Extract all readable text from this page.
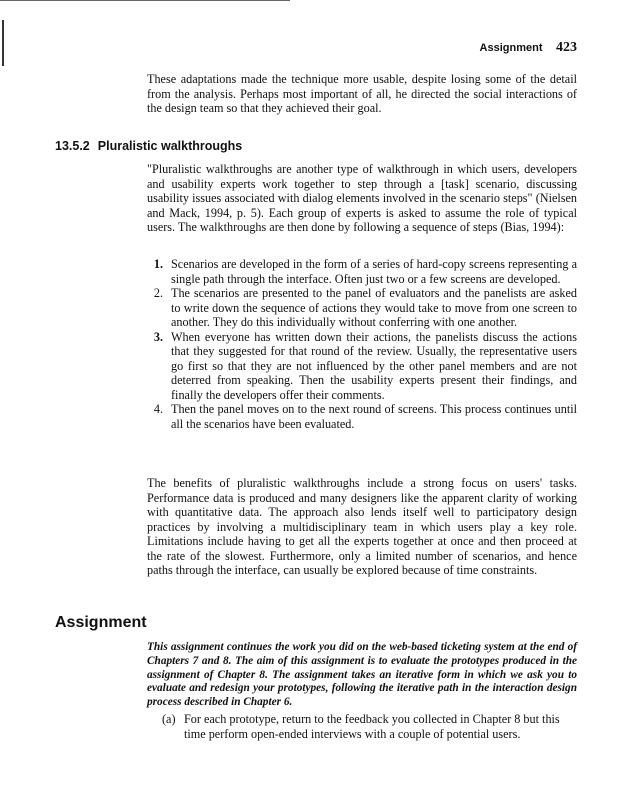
Assignment 423

These adaptations made the technique more usable, despite losing some of the detail from the analysis. Perhaps most important of all, he directed the social interactions of the design team so that they achieved their goal.

13.5.2 Pluralistic walkthroughs

"Pluralistic walkthroughs are another type of walkthrough in which users, developers and usability experts work together to step through a [task] scenario, discussing usability issues associated with dialog elements involved in the scenario steps" (Nielsen and Mack, 1994, p. 5). Each group of experts is asked to assume the role of typical users. The walkthroughs are then done by following a sequence of steps (Bias, 1994):

1. Scenarios are developed in the form of a series of hard-copy screens representing a single path through the interface. Often just two or a few screens are developed.
2. The scenarios are presented to the panel of evaluators and the panelists are asked to write down the sequence of actions they would take to move from one screen to another. They do this individually without conferring with one another.
3. When everyone has written down their actions, the panelists discuss the actions that they suggested for that round of the review. Usually, the representative users go first so that they are not influenced by the other panel members and are not deterred from speaking. Then the usability experts present their findings, and finally the developers offer their comments.
4. Then the panel moves on to the next round of screens. This process continues until all the scenarios have been evaluated.

The benefits of pluralistic walkthroughs include a strong focus on users' tasks. Performance data is produced and many designers like the apparent clarity of working with quantitative data. The approach also lends itself well to participatory design practices by involving a multidisciplinary team in which users play a key role. Limitations include having to get all the experts together at once and then proceed at the rate of the slowest. Furthermore, only a limited number of scenarios, and hence paths through the interface, can usually be explored because of time constraints.

Assignment

This assignment continues the work you did on the web-based ticketing system at the end of Chapters 7 and 8. The aim of this assignment is to evaluate the prototypes produced in the assignment of Chapter 8. The assignment takes an iterative form in which we ask you to evaluate and redesign your prototypes, following the iterative path in the interaction design process described in Chapter 6.

(a) For each prototype, return to the feedback you collected in Chapter 8 but this time perform open-ended interviews with a couple of potential users.
